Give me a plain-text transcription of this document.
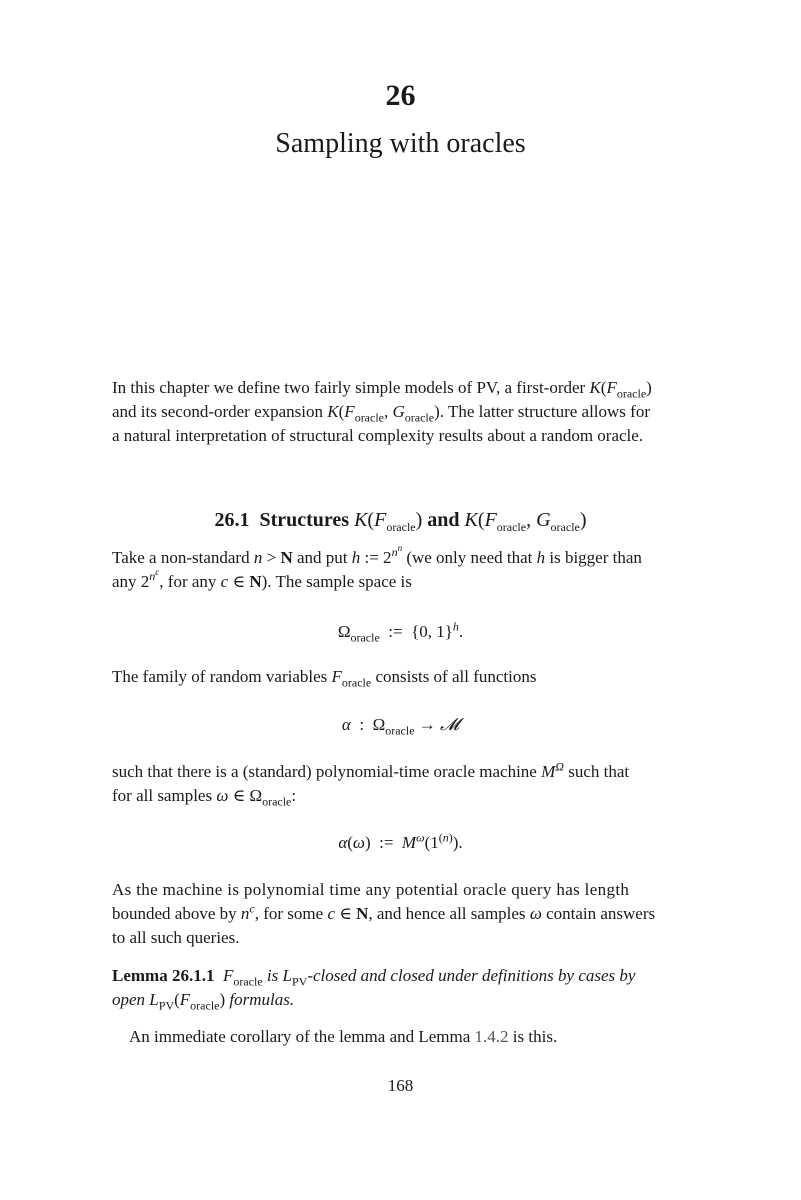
26
Sampling with oracles
In this chapter we define two fairly simple models of PV, a first-order $K(F_{oracle})$
and its second-order expansion $K(F_{oracle}$, $G_{oracle}$). The latter structure allows for
a natural interpretation of structural complexity results about a random oracle.
26.1 Structures $K(F_{oracle})$ and $K(F_{oracle}$, $G_{oracle}$)
Take a non-standard n > N and put h := $2^{n^n}$ (we only need that h is bigger than
any $2^{n^c}$, for any c ∈ N). The sample space is
$\Omega_{oracle}$  :=  {0, 1}$^h$.
The family of random variables $F_{oracle}$ consists of all functions
α  :  $\Omega_{oracle}$ → 𝓜
such that there is a (standard) polynomial-time oracle machine $M^\Omega$ such that
for all samples ω ∈ $\Omega_{oracle}$:
α(ω)  :=  $M^\omega(1^{(n)})$.
As the machine is polynomial time any potential oracle query has length
bounded above by $n^c$, for some c ∈ N, and hence all samples ω contain answers
to all such queries.
Lemma 26.1.1 $F_{oracle}$ is $L_{PV}$-closed and closed under definitions by cases by
open $L_{PV}(F_{oracle})$ formulas.
An immediate corollary of the lemma and Lemma 1.4.2 is this.
168
